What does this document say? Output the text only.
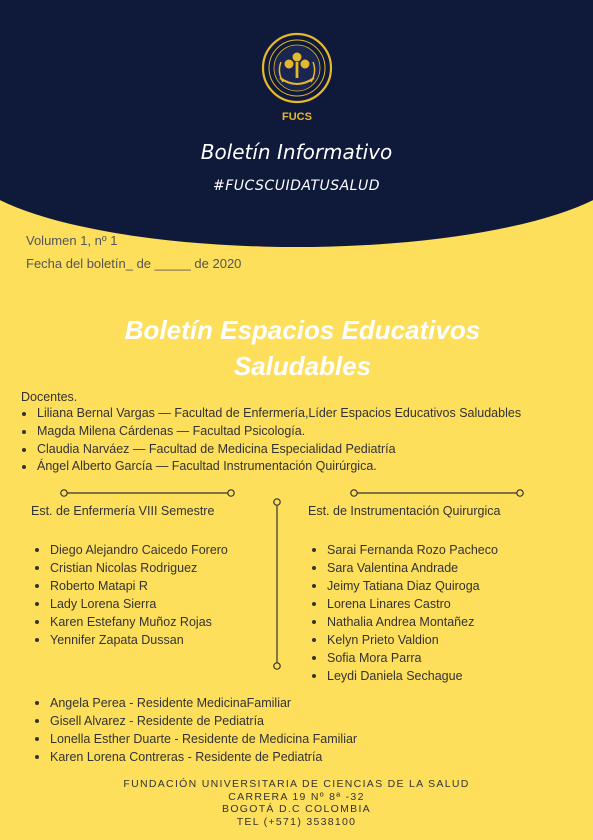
FUCS
Boletín Informativo
#FUCSCUIDATUSALUD
Volumen 1, nº 1
Fecha del boletín_ de _____ de 2020
Boletín Espacios Educativos
Saludables
Docentes.
Liliana Bernal Vargas — Facultad de Enfermería,Líder Espacios Educativos Saludables
Magda Milena Cárdenas — Facultad Psicología.
Claudia Narváez — Facultad de Medicina Especialidad Pediatría
Ángel Alberto García — Facultad Instrumentación Quirúrgica.
Est. de Enfermería VIII Semestre	Est. de Instrumentación Quirurgica
Diego Alejandro Caicedo Forero
Cristian Nicolas Rodriguez
Roberto Matapi R
Lady Lorena Sierra
Karen Estefany Muñoz Rojas
Yennifer Zapata Dussan
Sarai Fernanda Rozo Pacheco
Sara Valentina Andrade
Jeimy Tatiana Diaz Quiroga
Lorena Linares Castro
Nathalia Andrea Montañez
Kelyn Prieto Valdion
Sofia Mora Parra
Leydi Daniela Sechague
Angela Perea - Residente MedicinaFamiliar
Gisell Alvarez - Residente de Pediatría
Lonella Esther Duarte - Residente de Medicina Familiar
Karen Lorena Contreras - Residente de Pediatría
FUNDACIÓN UNIVERSITARIA DE CIENCIAS DE LA SALUD
CARRERA 19 Nº 8ª -32
BOGOTÁ D.C COLOMBIA
TEL (+571) 3538100
